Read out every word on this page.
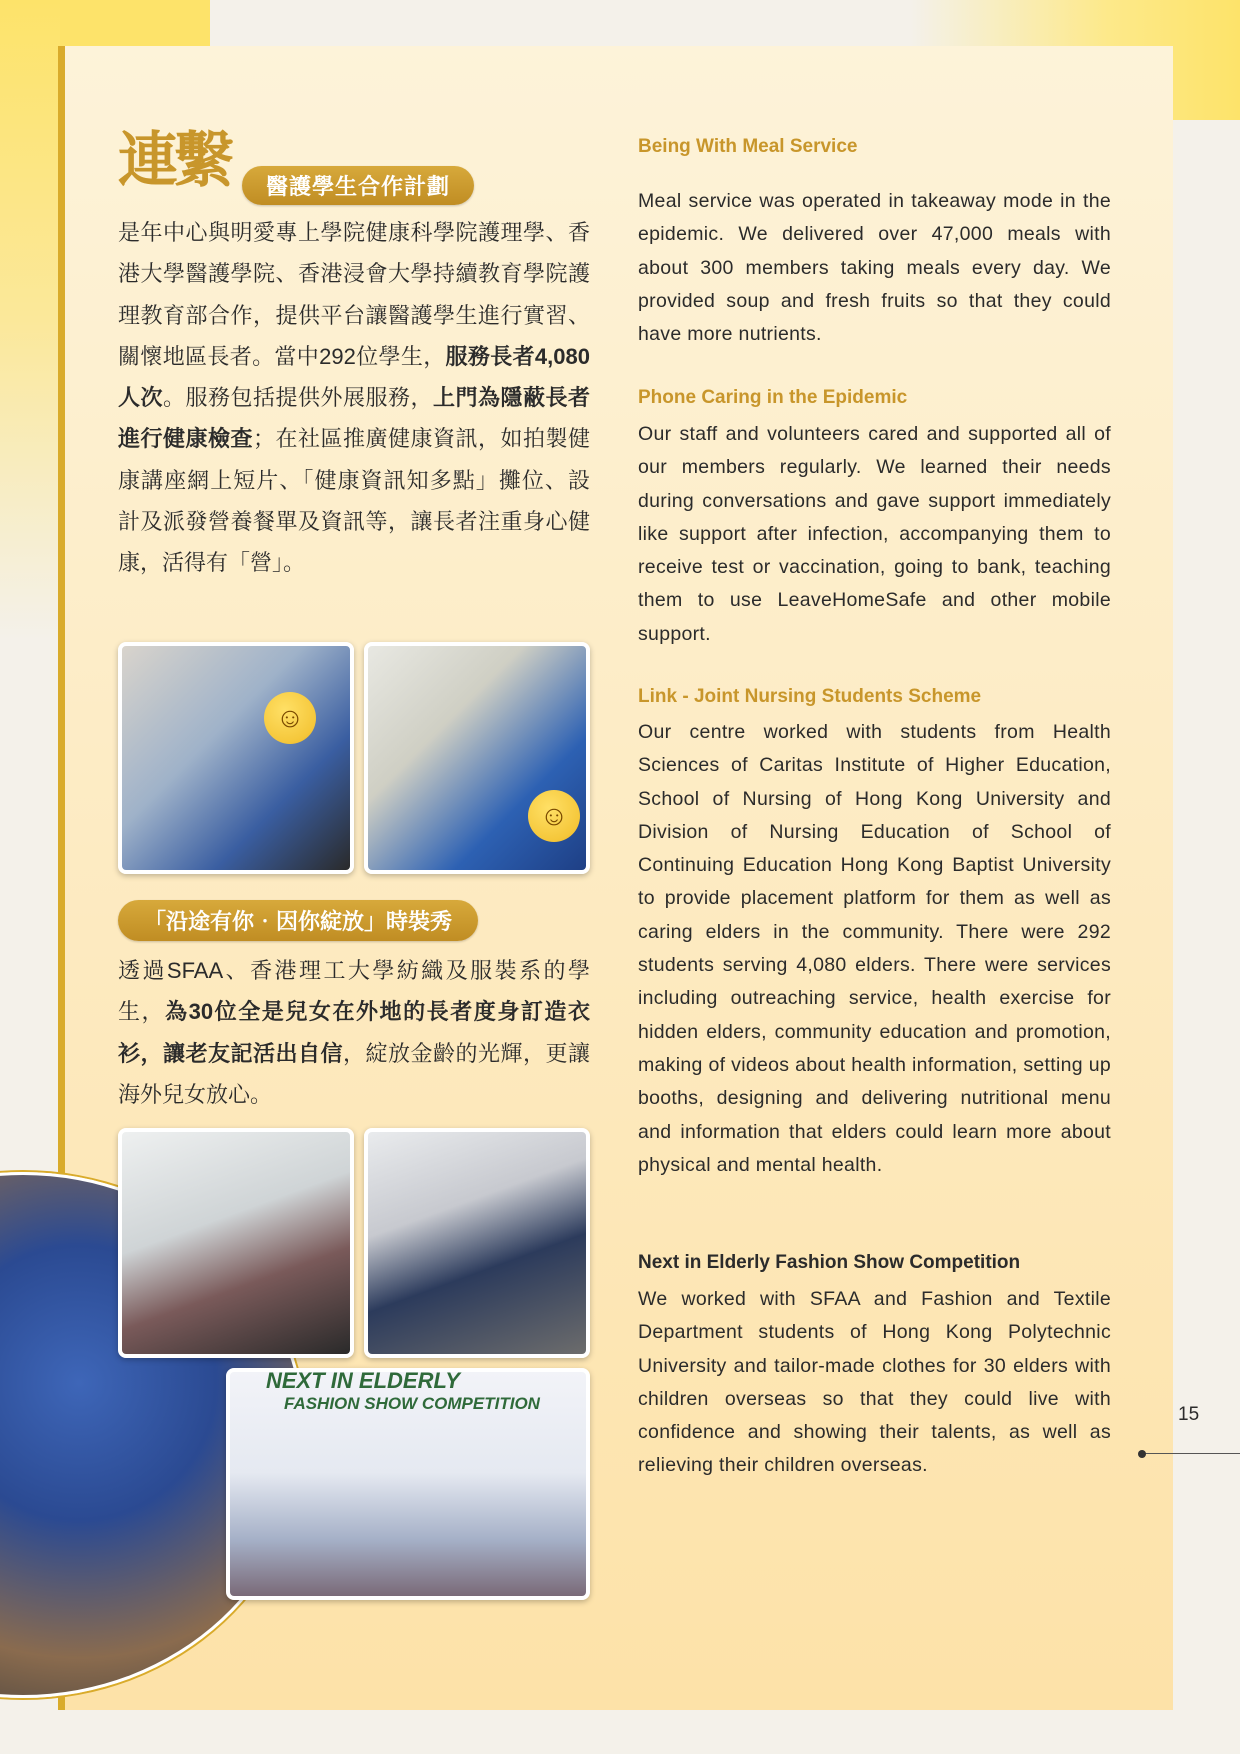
連繫	醫護學生合作計劃

是年中心與明愛專上學院健康科學院護理學、香港大學醫護學院、香港浸會大學持續教育學院護理教育部合作，提供平台讓醫護學生進行實習、關懷地區長者。當中292位學生，服務長者4,080人次。服務包括提供外展服務，上門為隱蔽長者進行健康檢查；在社區推廣健康資訊，如拍製健康講座網上短片、「健康資訊知多點」攤位、設計及派發營養餐單及資訊等，讓長者注重身心健康，活得有「營」。

☺
☺
「沿途有你‧因你綻放」時裝秀

透過SFAA、香港理工大學紡織及服裝系的學生，為30位全是兒女在外地的長者度身訂造衣衫，讓老友記活出自信，綻放金齡的光輝，更讓海外兒女放心。

NEXT IN ELDERLY
FASHION SHOW COMPETITION
Being With Meal Service

Meal service was operated in takeaway mode in the epidemic. We delivered over 47,000 meals with about 300 members taking meals every day. We provided soup and fresh fruits so that they could have more nutrients.

Phone Caring in the Epidemic

Our staff and volunteers cared and supported all of our members regularly. We learned their needs during conversations and gave support immediately like support after infection, accompanying them to receive test or vaccination, going to bank, teaching them to use LeaveHomeSafe and other mobile support.

Link - Joint Nursing Students Scheme

Our centre worked with students from Health Sciences of Caritas Institute of Higher Education, School of Nursing of Hong Kong University and Division of Nursing Education of School of Continuing Education Hong Kong Baptist University to provide placement platform for them as well as caring elders in the community. There were 292 students serving 4,080 elders. There were services including outreaching service, health exercise for hidden elders, community education and promotion, making of videos about health information, setting up booths, designing and delivering nutritional menu and information that elders could learn more about physical and mental health.

Next in Elderly Fashion Show Competition

We worked with SFAA and Fashion and Textile Department students of Hong Kong Polytechnic University and tailor-made clothes for 30 elders with children overseas so that they could live with confidence and showing their talents, as well as relieving their children overseas.

15
